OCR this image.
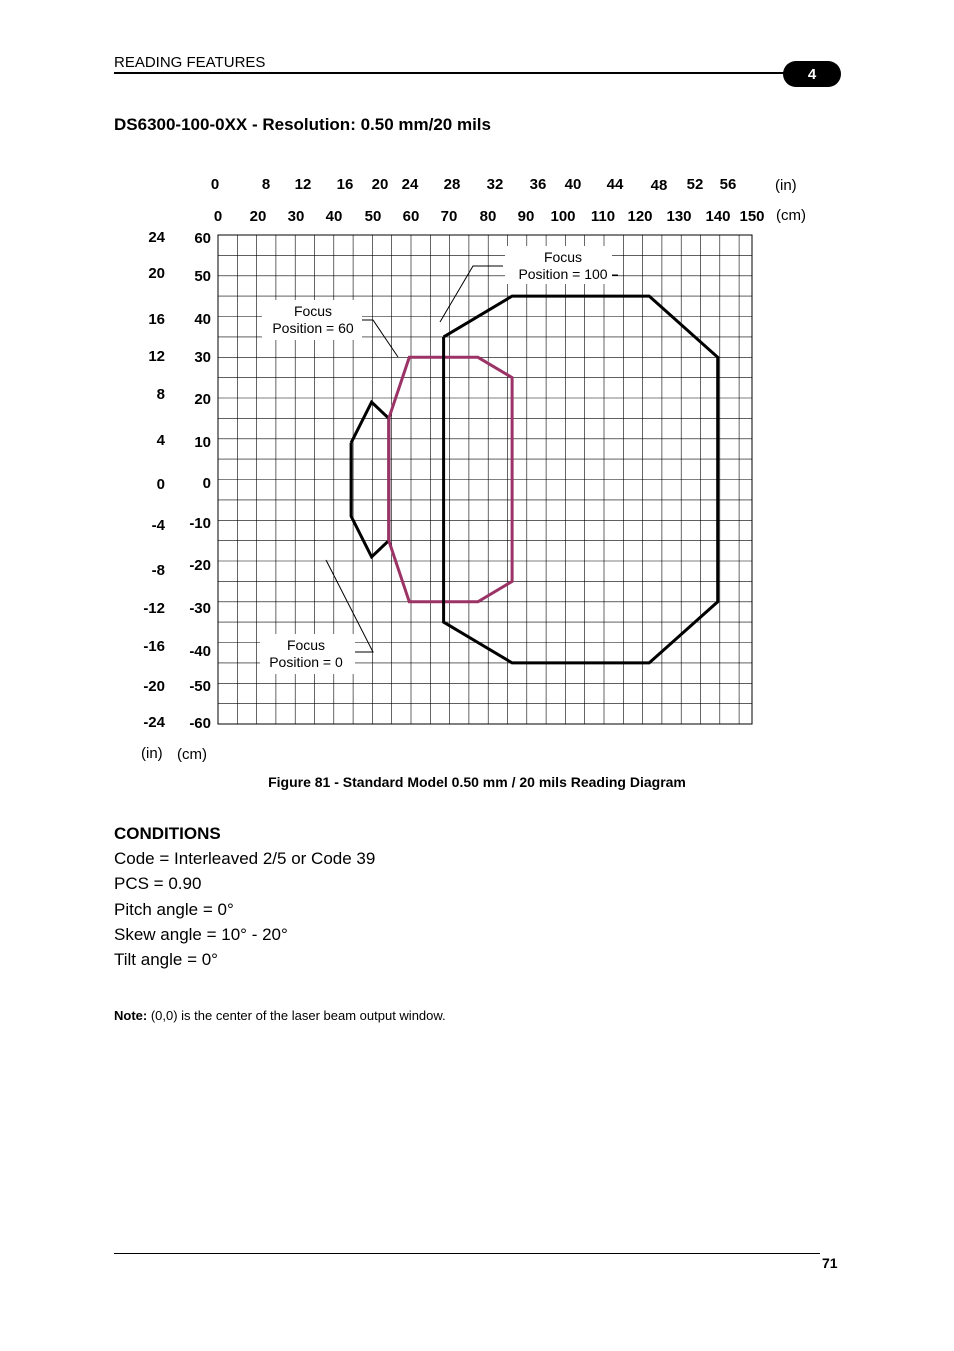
READING FEATURES
4
DS6300-100-0XX - Resolution: 0.50 mm/20 mils
Focus
Position = 100
Focus
Position = 60
Focus
Position = 0
0 20 30 40 50 60 70 80 90 100 110 120 130 140 150
0	8 12 16 20 24 28 32 36 40 44 48 52 56	(in)
(cm)
60
50
40
30
20
10
0
-10
-20
-30
-40
-50
-60
24
20
16
12
8
4
0
-4
-8
-12
-16
-20
-24
(in) (cm)
Figure 81 - Standard Model 0.50 mm / 20 mils Reading Diagram
CONDITIONS
Code = Interleaved 2/5 or Code 39
PCS = 0.90
Pitch angle = 0°
Skew angle = 10° - 20°
Tilt angle = 0°
Note: (0,0) is the center of the laser beam output window.
71
